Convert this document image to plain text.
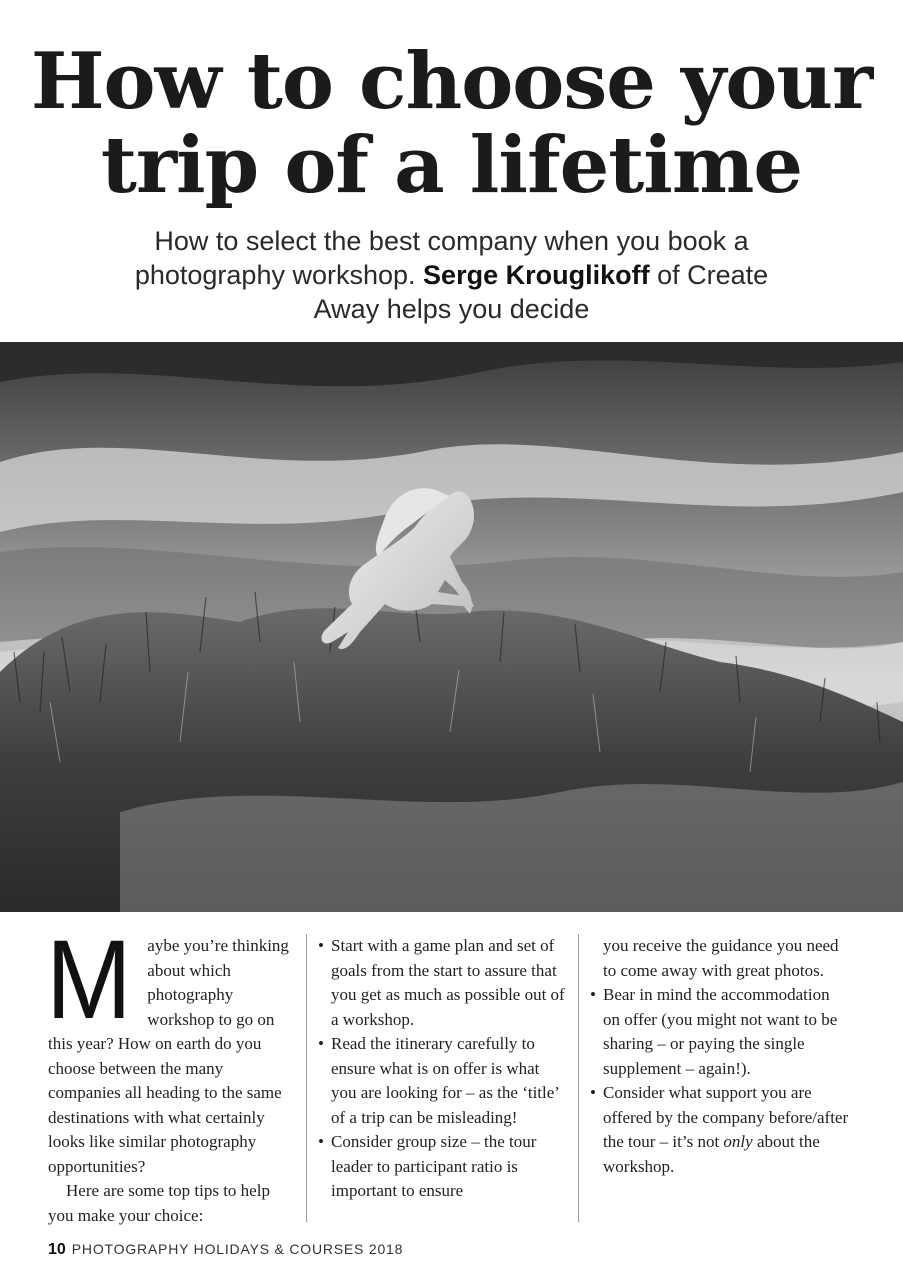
How to choose your
trip of a lifetime

How to select the best company when you book a photography workshop. Serge Krouglikoff of Create Away helps you decide

Maybe you’re thinking about which photography workshop to go on this year? How on earth do you choose between the many companies all heading to the same destinations with what certainly looks like similar photography opportunities?

Here are some top tips to help you make your choice:

• Start with a game plan and set of goals from the start to assure that you get as much as possible out of a workshop.
• Read the itinerary carefully to ensure what is on offer is what you are looking for – as the ‘title’ of a trip can be misleading!
• Consider group size – the tour leader to participant ratio is important to ensure

you receive the guidance you need to come away with great photos.

• Bear in mind the accommodation on offer (you might not want to be sharing – or paying the single supplement – again!).
• Consider what support you are offered by the company before/after the tour – it’s not only about the workshop.
10 PHOTOGRAPHY HOLIDAYS & COURSES 2018
